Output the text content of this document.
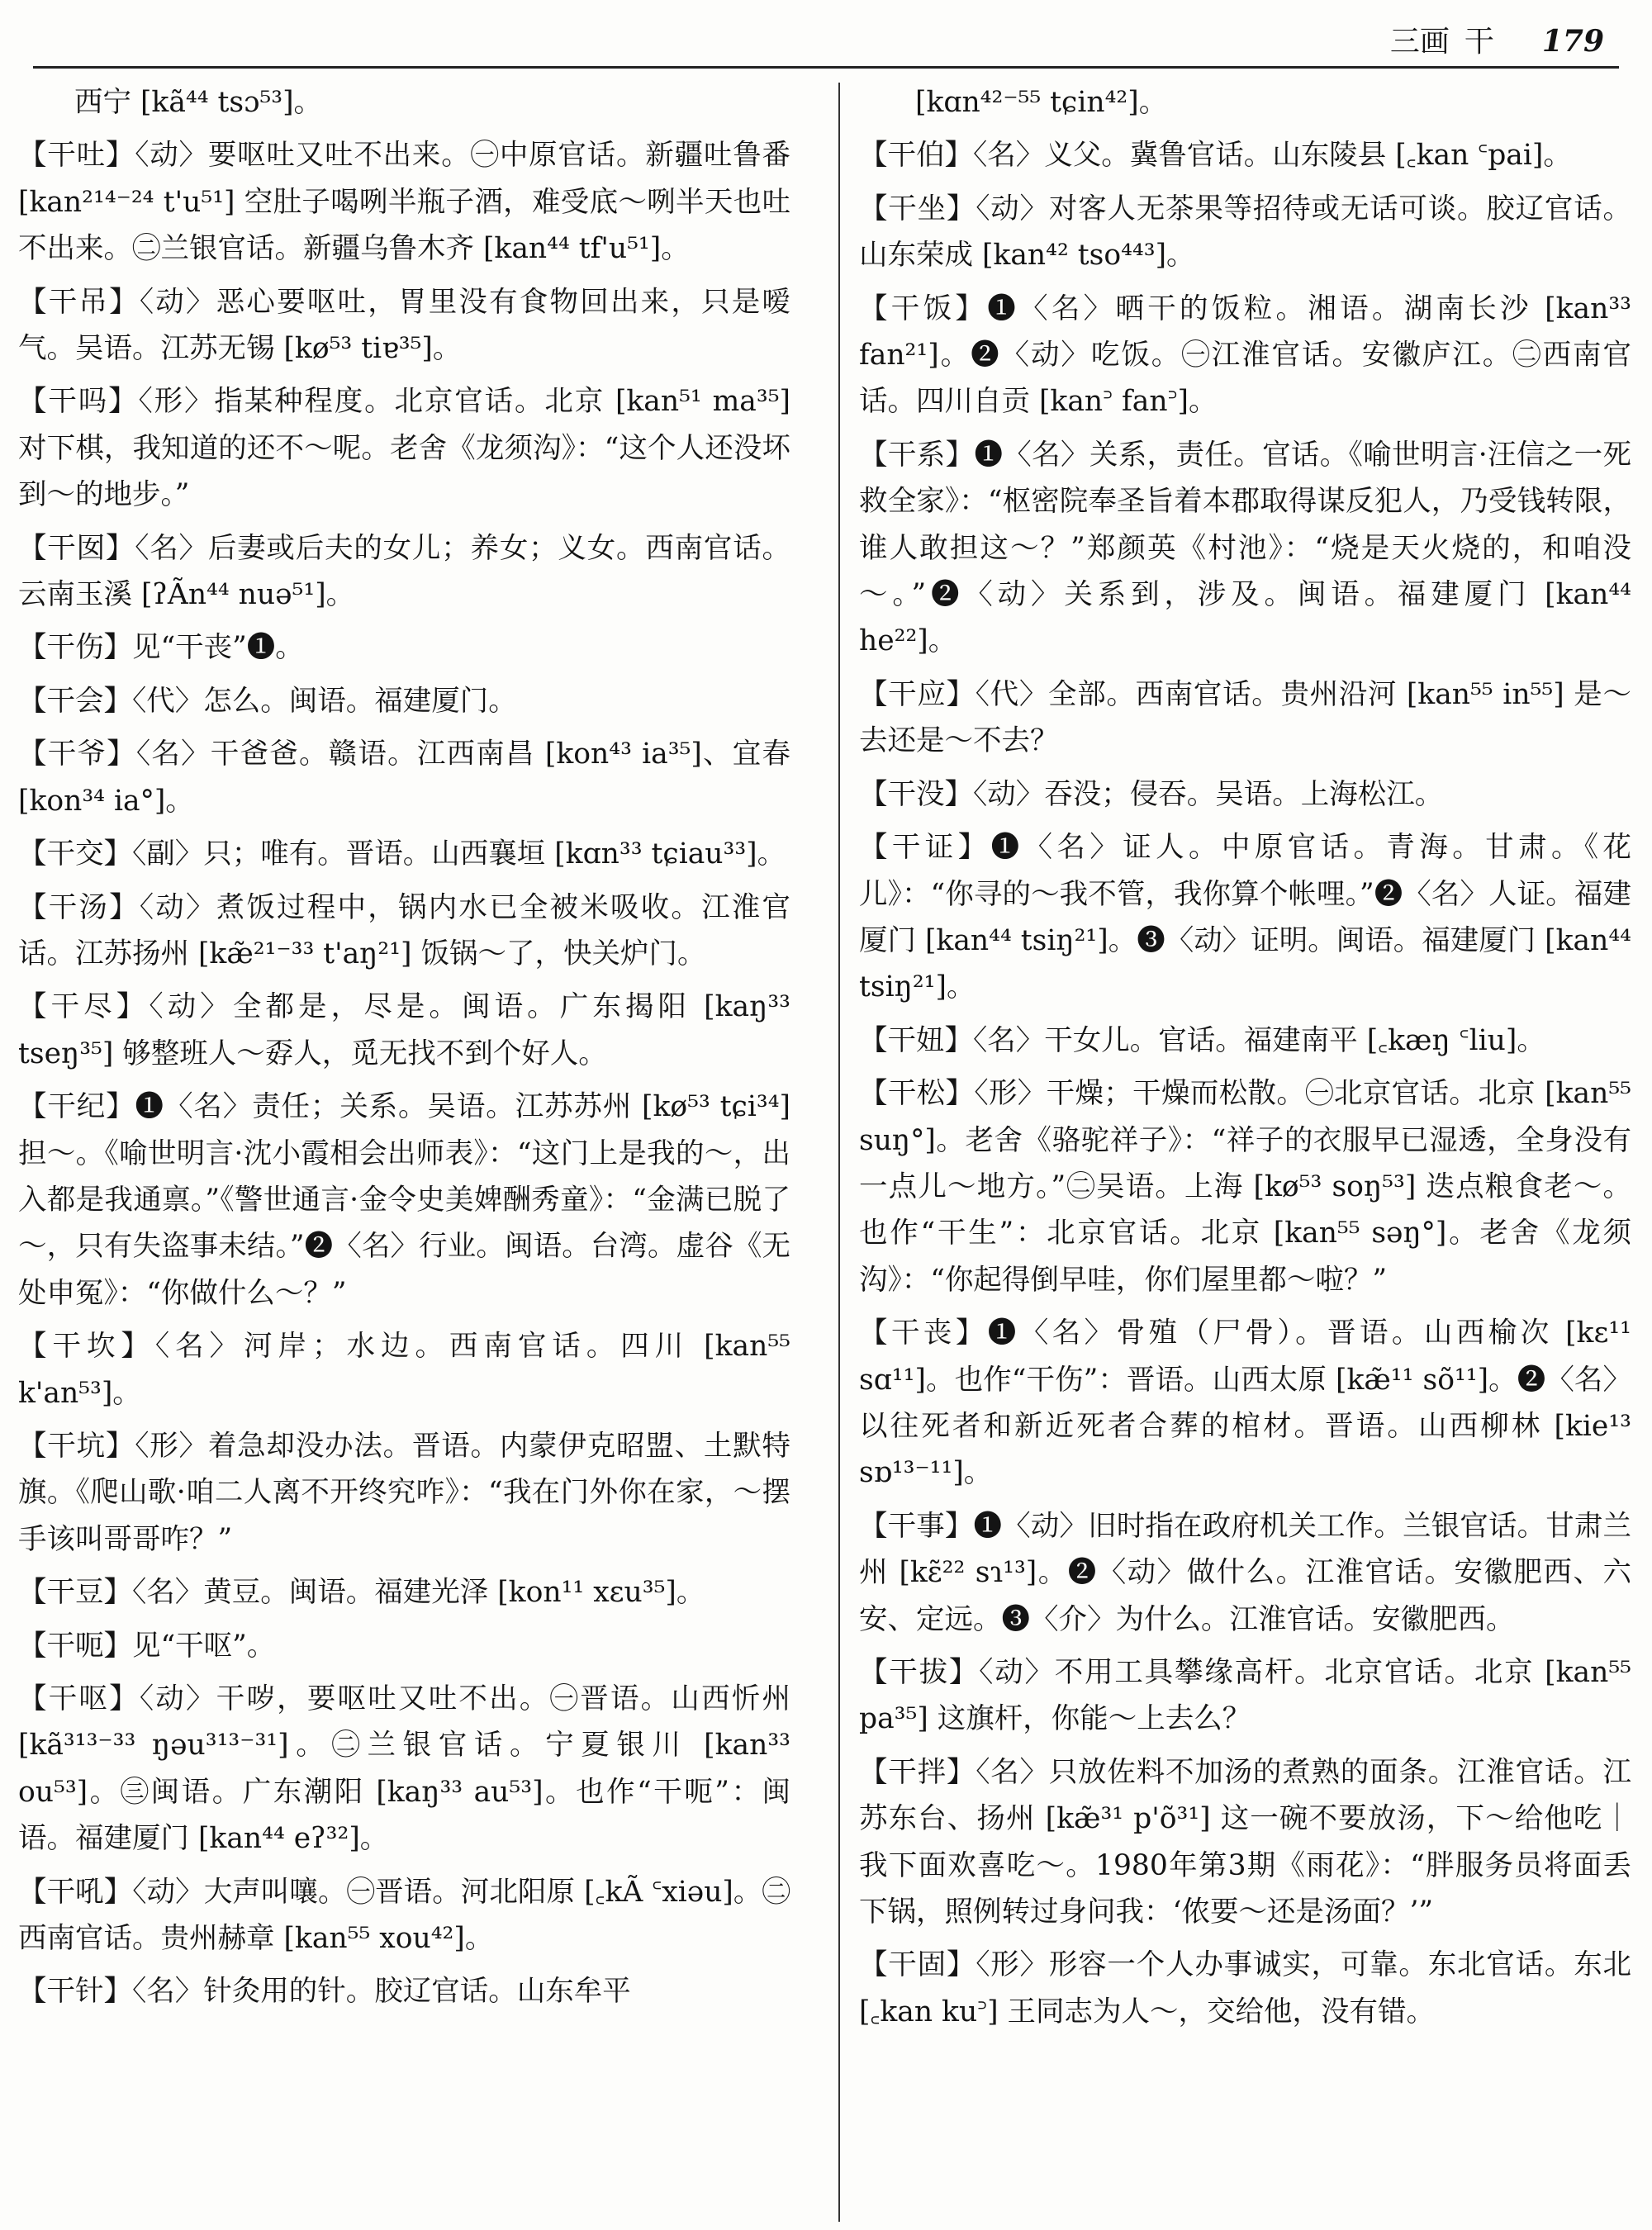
三画 干 179

西宁 [kã⁴⁴ tsɔ⁵³]。

【干吐】〈动〉要呕吐又吐不出来。㊀中原官话。新疆吐鲁番 [kan²¹⁴⁻²⁴ t'u⁵¹] 空肚子喝咧半瓶子酒，难受底～咧半天也吐不出来。㊁兰银官话。新疆乌鲁木齐 [kan⁴⁴ tf'u⁵¹]。

【干吊】〈动〉恶心要呕吐，胃里没有食物回出来，只是嗳气。吴语。江苏无锡 [kø⁵³ tiɐ³⁵]。

【干吗】〈形〉指某种程度。北京官话。北京 [kan⁵¹ ma³⁵] 对下棋，我知道的还不～呢。老舍《龙须沟》：“这个人还没坏到～的地步。”

【干囡】〈名〉后妻或后夫的女儿；养女；义女。西南官话。云南玉溪 [ʔÃn⁴⁴ nuə⁵¹]。

【干伤】见“干丧”❶。

【干会】〈代〉怎么。闽语。福建厦门。

【干爷】〈名〉干爸爸。赣语。江西南昌 [kon⁴³ ia³⁵]、宜春 [kon³⁴ ia°]。

【干交】〈副〉只；唯有。晋语。山西襄垣 [kɑn³³ tɕiau³³]。

【干汤】〈动〉煮饭过程中，锅内水已全被米吸收。江淮官话。江苏扬州 [kæ̃²¹⁻³³ t'aŋ²¹] 饭锅～了，快关炉门。

【干尽】〈动〉全都是，尽是。闽语。广东揭阳 [kaŋ³³ tseŋ³⁵] 够整班人～孬人，觅无找不到个好人。

【干纪】❶〈名〉责任；关系。吴语。江苏苏州 [kø⁵³ tɕi³⁴] 担～。《喻世明言·沈小霞相会出师表》：“这门上是我的～，出入都是我通禀。”《警世通言·金令史美婢酬秀童》：“金满已脱了～，只有失盗事未结。”❷〈名〉行业。闽语。台湾。虚谷《无处申冤》：“你做什么～？”

【干坎】〈名〉河岸；水边。西南官话。四川 [kan⁵⁵ k'an⁵³]。

【干坑】〈形〉着急却没办法。晋语。内蒙伊克昭盟、土默特旗。《爬山歌·咱二人离不开终究咋》：“我在门外你在家，～摆手该叫哥哥咋？”

【干豆】〈名〉黄豆。闽语。福建光泽 [kon¹¹ xɛu³⁵]。

【干呃】见“干呕”。

【干呕】〈动〉干哕，要呕吐又吐不出。㊀晋语。山西忻州 [kã³¹³⁻³³ ŋəu³¹³⁻³¹]。㊁兰银官话。宁夏银川 [kan³³ ou⁵³]。㊂闽语。广东潮阳 [kaŋ³³ au⁵³]。也作“干呃”：闽语。福建厦门 [kan⁴⁴ eʔ³²]。

【干吼】〈动〉大声叫嚷。㊀晋语。河北阳原 [꜀kÃ ꜂xiəu]。㊁西南官话。贵州赫章 [kan⁵⁵ xou⁴²]。

【干针】〈名〉针灸用的针。胶辽官话。山东牟平

[kɑn⁴²⁻⁵⁵ tɕin⁴²]。

【干伯】〈名〉义父。冀鲁官话。山东陵县 [꜀kan ꜂pai]。

【干坐】〈动〉对客人无茶果等招待或无话可谈。胶辽官话。山东荣成 [kan⁴² tso⁴⁴³]。

【干饭】❶〈名〉晒干的饭粒。湘语。湖南长沙 [kan³³ fan²¹]。❷〈动〉吃饭。㊀江淮官话。安徽庐江。㊁西南官话。四川自贡 [kan꜄ fan꜄]。

【干系】❶〈名〉关系，责任。官话。《喻世明言·汪信之一死救全家》：“枢密院奉圣旨着本郡取得谋反犯人，乃受钱转限，谁人敢担这～？”郑颜英《村池》：“烧是天火烧的，和咱没～。”❷〈动〉关系到，涉及。闽语。福建厦门 [kan⁴⁴ he²²]。

【干应】〈代〉全部。西南官话。贵州沿河 [kan⁵⁵ in⁵⁵] 是～去还是～不去？

【干没】〈动〉吞没；侵吞。吴语。上海松江。

【干证】❶〈名〉证人。中原官话。青海。甘肃。《花儿》：“你寻的～我不管，我你算个帐哩。”❷〈名〉人证。福建厦门 [kan⁴⁴ tsiŋ²¹]。❸〈动〉证明。闽语。福建厦门 [kan⁴⁴ tsiŋ²¹]。

【干妞】〈名〉干女儿。官话。福建南平 [꜀kæŋ ꜂liu]。

【干松】〈形〉干燥；干燥而松散。㊀北京官话。北京 [kan⁵⁵ suŋ°]。老舍《骆驼祥子》：“祥子的衣服早已湿透，全身没有一点儿～地方。”㊁吴语。上海 [kø⁵³ soŋ⁵³] 迭点粮食老～。也作“干生”：北京官话。北京 [kan⁵⁵ səŋ°]。老舍《龙须沟》：“你起得倒早哇，你们屋里都～啦？”

【干丧】❶〈名〉骨殖（尸骨）。晋语。山西榆次 [kɛ¹¹ sɑ¹¹]。也作“干伤”：晋语。山西太原 [kæ̃¹¹ sõ¹¹]。❷〈名〉以往死者和新近死者合葬的棺材。晋语。山西柳林 [kie¹³ sɒ¹³⁻¹¹]。

【干事】❶〈动〉旧时指在政府机关工作。兰银官话。甘肃兰州 [kɛ̃²² sɿ¹³]。❷〈动〉做什么。江淮官话。安徽肥西、六安、定远。❸〈介〉为什么。江淮官话。安徽肥西。

【干拔】〈动〉不用工具攀缘高杆。北京官话。北京 [kan⁵⁵ pa³⁵] 这旗杆，你能～上去么？

【干拌】〈名〉只放佐料不加汤的煮熟的面条。江淮官话。江苏东台、扬州 [kæ̃³¹ p'õ³¹] 这一碗不要放汤，下～给他吃｜我下面欢喜吃～。1980年第3期《雨花》：“胖服务员将面丢下锅，照例转过身问我：‘侬要～还是汤面？’”

【干固】〈形〉形容一个人办事诚实，可靠。东北官话。东北 [꜀kan ku꜄] 王同志为人～，交给他，没有错。
